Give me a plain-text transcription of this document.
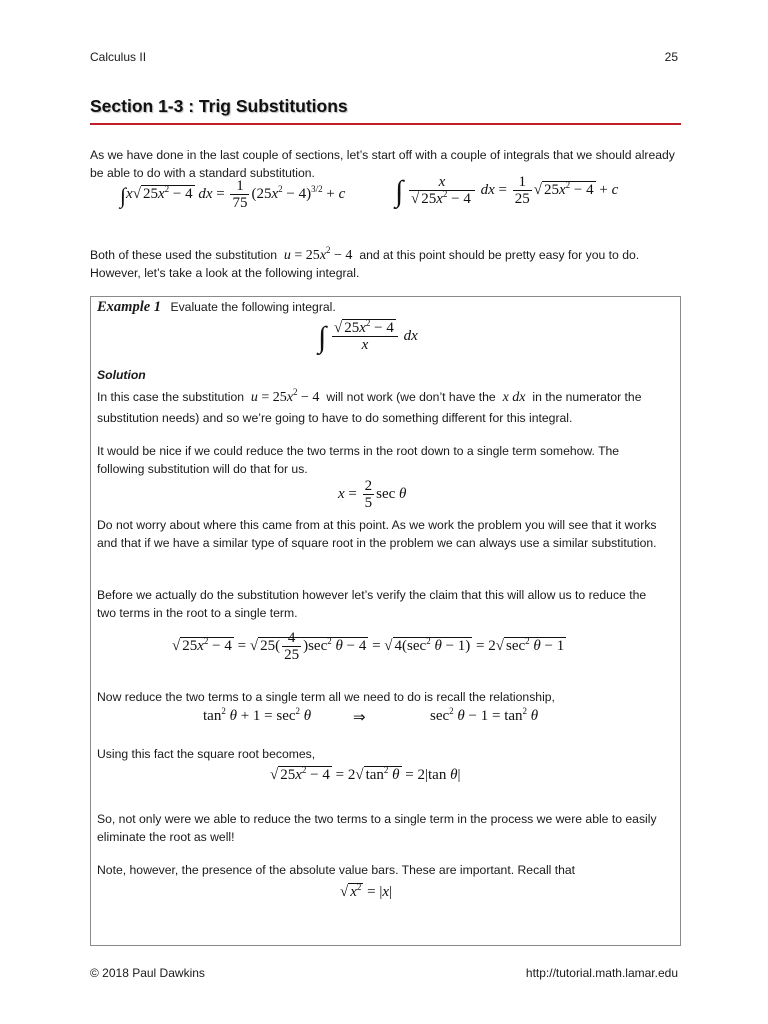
Calculus II	25
Section 1-3 : Trig Substitutions
As we have done in the last couple of sections, let’s start off with a couple of integrals that we should already be able to do with a standard substitution.
∫x√ $25x^2 - 4$ dx = $\frac{1}{75} (25x^2 - 4)^{3/2} + c$ ∫ $\frac{x}{√ 25x^2 - 4}$ dx = $\frac{1}{25}$ √ $25x^2 - 4 + c$
Both of these used the substitution $u = 25x^2 - 4$  and at this point should be pretty easy for you to do. However, let’s take a look at the following integral.
Example 1 Evaluate the following integral.
∫ $\frac{√ 25x^2 - 4}{x}$ dx
Solution
In this case the substitution $u = 25x^2 - 4$  will not work (we don’t have the x dx in the numerator the substitution needs) and so we’re going to have to do something different for this integral.
It would be nice if we could reduce the two terms in the root down to a single term somehow. The following substitution will do that for us.
$x = \frac{2}{5}$ sec θ
Do not worry about where this came from at this point. As we work the problem you will see that it works and that if we have a similar type of square root in the problem we can always use a similar substitution.
Before we actually do the substitution however let’s verify the claim that this will allow us to reduce the two terms in the root to a single term.
√ $25x^2 - 4$ = √ $25( \frac{4}{25} )\sec^2$ θ − 4 = √ $4(\sec^2$ θ − 1) = 2√ $\sec^2 \theta - 1$
Now reduce the two terms to a single term all we need to do is recall the relationship,
$\tan^2 \theta + 1 = \sec^2 \theta$	⇒	$\sec^2 \theta - 1 = \tan^2 \theta$
Using this fact the square root becomes,
√ $25x^2 - 4 = 2√$ $\tan^2 \theta = 2|\tan$ θ|
So, not only were we able to reduce the two terms to a single term in the process we were able to easily eliminate the root as well!
Note, however, the presence of the absolute value bars. These are important. Recall that
√ $x^2 = |x|$
© 2018 Paul Dawkins	http://tutorial.math.lamar.edu
